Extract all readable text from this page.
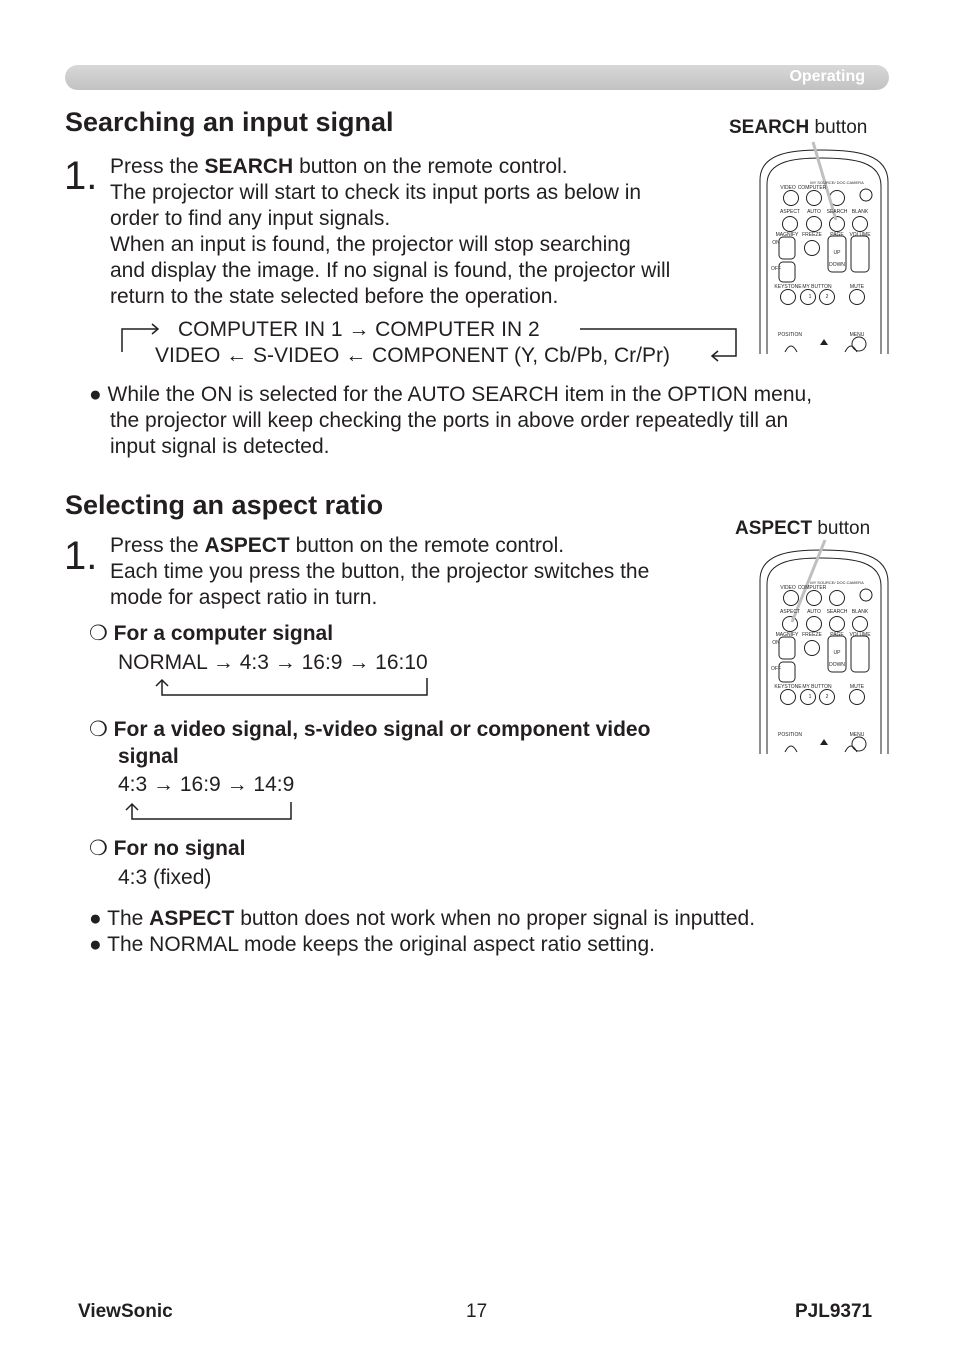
Operating
Searching an input signal	SEARCH button
1. Press the SEARCH button on the remote control.
The projector will start to check its input ports as below in
order to find any input signals.
When an input is found, the projector will stop searching
and display the image. If no signal is found, the projector will
return to the state selected before the operation.
COMPUTER IN 1 → COMPUTER IN 2
VIDEO ← S-VIDEO ← COMPONENT (Y, Cb/Pb, Cr/Pr)
● While the ON is selected for the AUTO SEARCH item in the OPTION menu,
the projector will keep checking the ports in above order repeatedly till an
input signal is detected.
VIDEO COMPUTER
MY SOURCE/ DOC.CAMERA
ASPECT AUTO SEARCH BLANK
MAGNIFY FREEZE PAGE VOLUME
ON
OFF
UP
DOWN
KEYSTONE MY BUTTON	MUTE
1	2
POSITION	MENU
Selecting an aspect ratio
ASPECT button
1. Press the ASPECT button on the remote control.
Each time you press the button, the projector switches the
mode for aspect ratio in turn.
❍ For a computer signal
NORMAL → 4:3 → 16:9 → 16:10
❍ For a video signal, s-video signal or component video
signal
4:3 → 16:9 → 14:9
❍ For no signal
4:3 (fixed)
● The ASPECT button does not work when no proper signal is inputted.
● The NORMAL mode keeps the original aspect ratio setting.
VIDEO COMPUTER
MY SOURCE/ DOC.CAMERA
ASPECT AUTO SEARCH BLANK
MAGNIFY FREEZE PAGE VOLUME
ON
OFF
UP
DOWN
KEYSTONE MY BUTTON	MUTE
1	2
POSITION	MENU
ViewSonic	17	PJL9371
